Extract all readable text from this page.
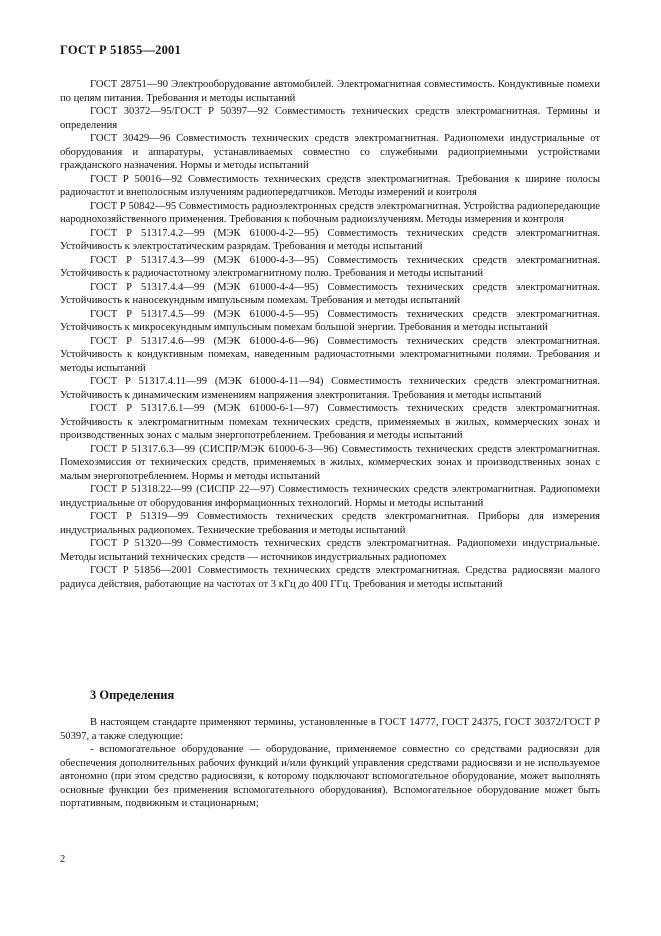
ГОСТ Р 51855—2001

ГОСТ 28751—90 Электрооборудование автомобилей. Электромагнитная совместимость. Кондуктивные помехи по цепям питания. Требования и методы испытаний

ГОСТ 30372—95/ГОСТ Р 50397—92 Совместимость технических средств электромагнитная. Термины и определения

ГОСТ 30429—96 Совместимость технических средств электромагнитная. Радиопомехи индустриальные от оборудования и аппаратуры, устанавливаемых совместно со служебными радиоприемными устройствами гражданского назначения. Нормы и методы испытаний

ГОСТ Р 50016—92 Совместимость технических средств электромагнитная. Требования к ширине полосы радиочастот и внеполосным излучениям радиопередатчиков. Методы измерений и контроля

ГОСТ Р 50842—95 Совместимость радиоэлектронных средств электромагнитная. Устройства радиопередающие народнохозяйственного применения. Требования к побочным радиоизлучениям. Методы измерения и контроля

ГОСТ Р 51317.4.2—99 (МЭК 61000-4-2—95) Совместимость технических средств электромагнитная. Устойчивость к электростатическим разрядам. Требования и методы испытаний

ГОСТ Р 51317.4.3—99 (МЭК 61000-4-3—95) Совместимость технических средств электромагнитная. Устойчивость к радиочастотному электромагнитному полю. Требования и методы испытаний

ГОСТ Р 51317.4.4—99 (МЭК 61000-4-4—95) Совместимость технических средств электромагнитная. Устойчивость к наносекундным импульсным помехам. Требования и методы испытаний

ГОСТ Р 51317.4.5—99 (МЭК 61000-4-5—95) Совместимость технических средств электромагнитная. Устойчивость к микросекундным импульсным помехам большой энергии. Требования и методы испытаний

ГОСТ Р 51317.4.6—99 (МЭК 61000-4-6—96) Совместимость технических средств электромагнитная. Устойчивость к кондуктивным помехам, наведенным радиочастотными электромагнитными полями. Требования и методы испытаний

ГОСТ Р 51317.4.11—99 (МЭК 61000-4-11—94) Совместимость технических средств электромагнитная. Устойчивость к динамическим изменениям напряжения электропитания. Требования и методы испытаний

ГОСТ Р 51317.6.1—99 (МЭК 61000-6-1—97) Совместимость технических средств электромагнитная. Устойчивость к электромагнитным помехам технических средств, применяемых в жилых, коммерческих зонах и производственных зонах с малым энергопотреблением. Требования и методы испытаний

ГОСТ Р 51317.6.3—99 (СИСПР/МЭК 61000-6-3—96) Совместимость технических средств электромагнитная. Помехоэмиссия от технических средств, применяемых в жилых, коммерческих зонах и производственных зонах с малым энергопотреблением. Нормы и методы испытаний

ГОСТ Р 51318.22—99 (СИСПР 22—97) Совместимость технических средств электромагнитная. Радиопомехи индустриальные от оборудования информационных технологий. Нормы и методы испытаний

ГОСТ Р 51319—99 Совместимость технических средств электромагнитная. Приборы для измерения индустриальных радиопомех. Технические требования и методы испытаний

ГОСТ Р 51320—99 Совместимость технических средств электромагнитная. Радиопомехи индустриальные. Методы испытаний технических средств — источников индустриальных радиопомех

ГОСТ Р 51856—2001 Совместимость технических средств электромагнитная. Средства радиосвязи малого радиуса действия, работающие на частотах от 3 кГц до 400 ГГц. Требования и методы испытаний

3 Определения

В настоящем стандарте применяют термины, установленные в ГОСТ 14777, ГОСТ 24375, ГОСТ 30372/ГОСТ Р 50397, а также следующие:

- вспомогательное оборудование — оборудование, применяемое совместно со средствами радиосвязи для обеспечения дополнительных рабочих функций и/или функций управления средствами радиосвязи и не используемое автономно (при этом средство радиосвязи, к которому подключают вспомогательное оборудование, может выполнять основные функции без применения вспомогательного оборудования). Вспомогательное оборудование может быть портативным, подвижным и стационарным;

2
